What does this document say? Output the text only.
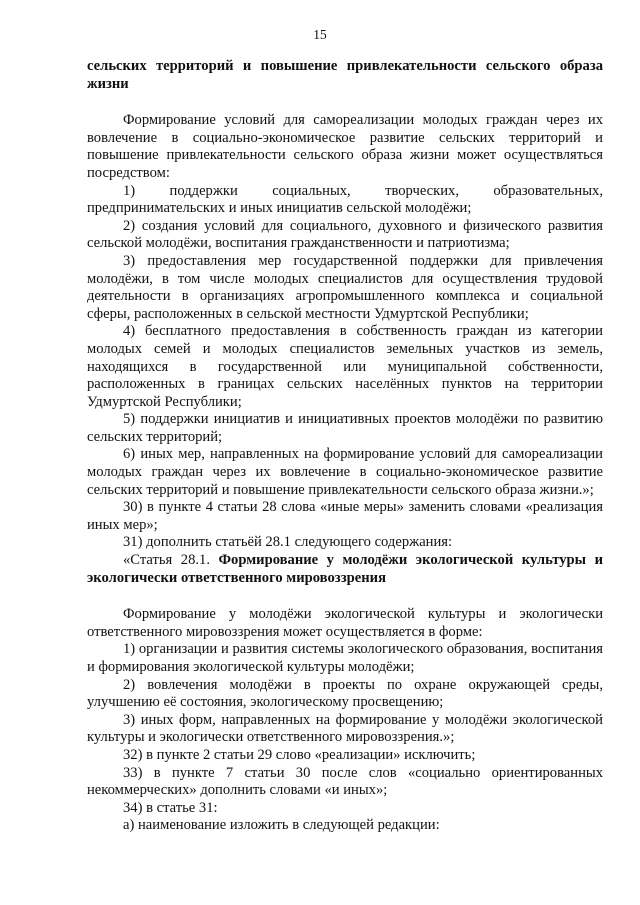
15

сельских территорий и повышение привлекательности сельского образа жизни

Формирование условий для самореализации молодых граждан через их вовлечение в социально-экономическое развитие сельских территорий и повышение привлекательности сельского образа жизни может осуществляться посредством:

1) поддержки социальных, творческих, образовательных, предпринимательских и иных инициатив сельской молодёжи;

2) создания условий для социального, духовного и физического развития сельской молодёжи, воспитания гражданственности и патриотизма;

3) предоставления мер государственной поддержки для привлечения молодёжи, в том числе молодых специалистов для осуществления трудовой деятельности в организациях агропромышленного комплекса и социальной сферы, расположенных в сельской местности Удмуртской Республики;

4) бесплатного предоставления в собственность граждан из категории молодых семей и молодых специалистов земельных участков из земель, находящихся в государственной или муниципальной собственности, расположенных в границах сельских населённых пунктов на территории Удмуртской Республики;

5) поддержки инициатив и инициативных проектов молодёжи по развитию сельских территорий;

6) иных мер, направленных на формирование условий для самореализации молодых граждан через их вовлечение в социально-экономическое развитие сельских территорий и повышение привлекательности сельского образа жизни.»;

30) в пункте 4 статьи 28 слова «иные меры» заменить словами «реализация иных мер»;

31) дополнить статьёй 28.1 следующего содержания:

«Статья 28.1. Формирование у молодёжи экологической культуры и экологически ответственного мировоззрения

Формирование у молодёжи экологической культуры и экологически ответственного мировоззрения может осуществляется в форме:

1) организации и развития системы экологического образования, воспитания и формирования экологической культуры молодёжи;

2) вовлечения молодёжи в проекты по охране окружающей среды, улучшению её состояния, экологическому просвещению;

3) иных форм, направленных на формирование у молодёжи экологической культуры и экологически ответственного мировоззрения.»;

32) в пункте 2 статьи 29 слово «реализации» исключить;

33) в пункте 7 статьи 30 после слов «социально ориентированных некоммерческих» дополнить словами «и иных»;

34) в статье 31:

а) наименование изложить в следующей редакции:
